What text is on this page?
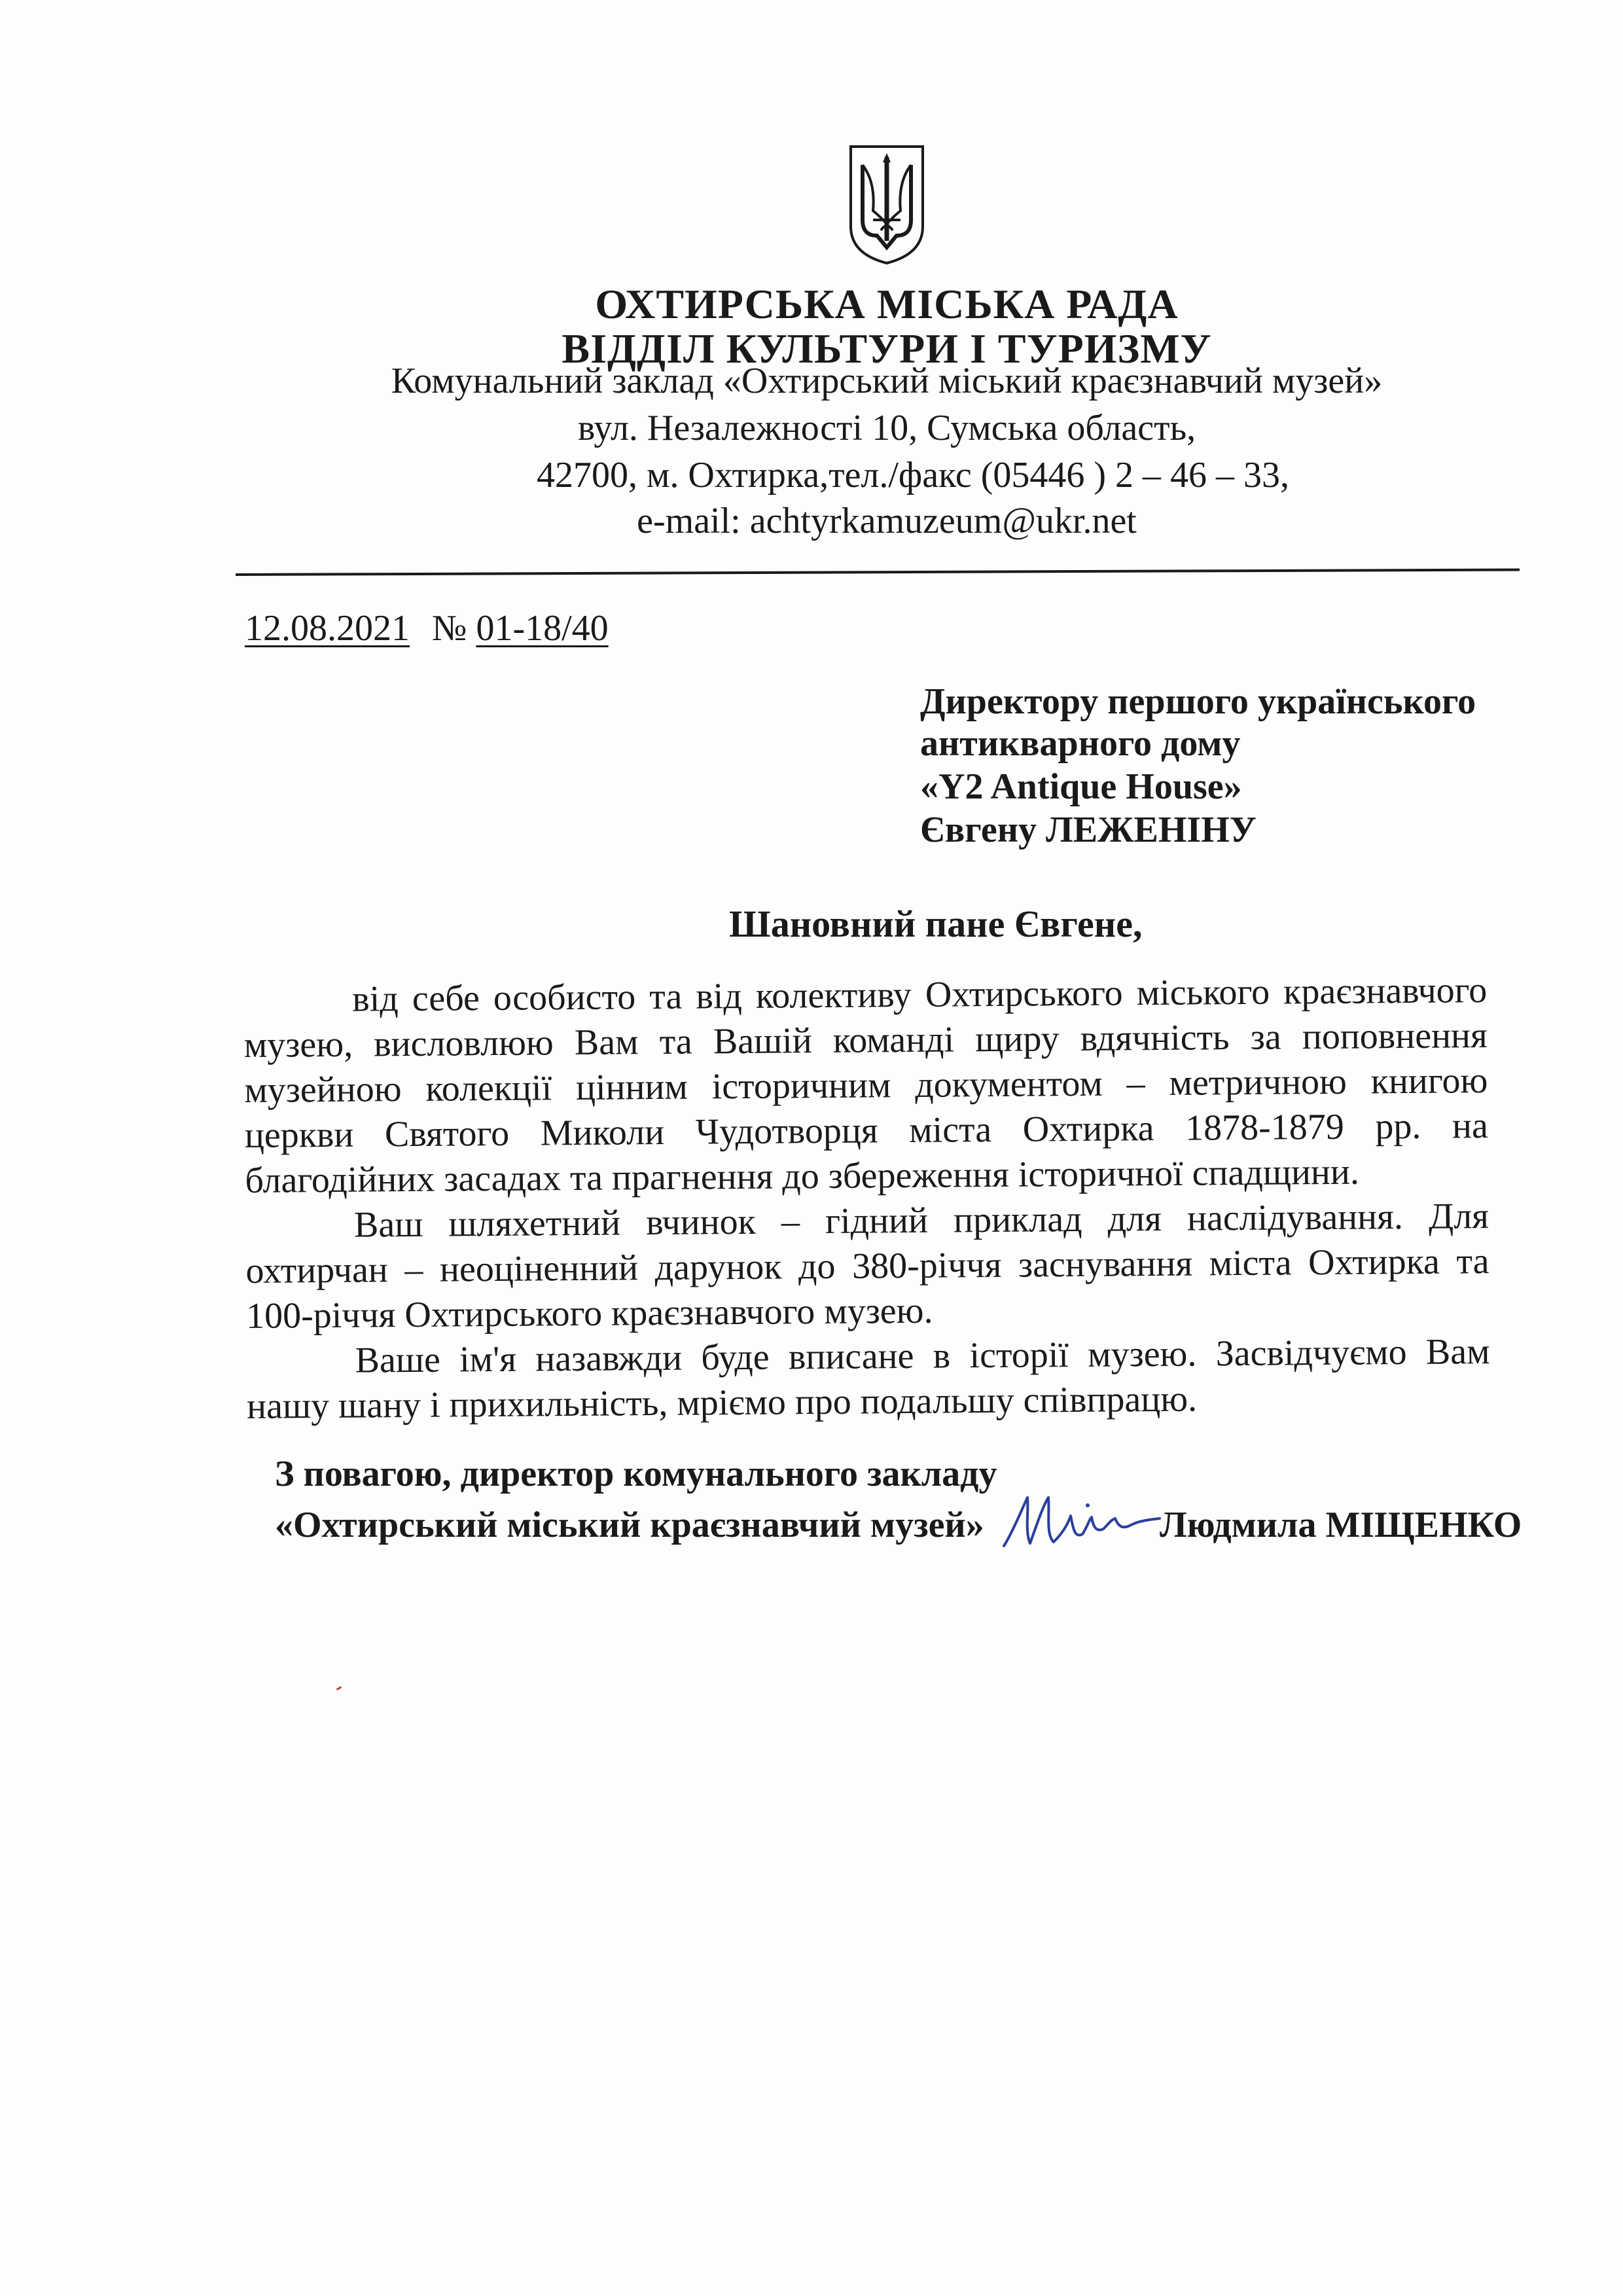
ОХТИРСЬКА МІСЬКА РАДА
ВІДДІЛ КУЛЬТУРИ І ТУРИЗМУ
Комунальний заклад «Охтирський міський краєзнавчий музей»
вул. Незалежності 10, Сумська область,
42700, м. Охтирка,тел./факс (05446 ) 2 – 46 – 33,
e-mail: achtyrkamuzeum@ukr.net
12.08.2021 № 01-18/40
Директору першого українського
антикварного дому
«Y2 Antique House»
Євгену ЛЕЖЕНІНУ
Шановний пане Євгене,

від себе особисто та від колективу Охтирського міського краєзнавчого музею, висловлюю Вам та Вашій команді щиру вдячність за поповнення музейною колекції цінним історичним документом – метричною книгою церкви Святого Миколи Чудотворця міста Охтирка 1878-1879 рр. на благодійних засадах та прагнення до збереження історичної спадщини.

Ваш шляхетний вчинок – гідний приклад для наслідування. Для охтирчан – неоціненний дарунок до 380-річчя заснування міста Охтирка та 100-річчя Охтирського краєзнавчого музею.

Ваше ім'я назавжди буде вписане в історії музею. Засвідчуємо Вам нашу шану і прихильність, мріємо про подальшу співпрацю.

З повагою, директор комунального закладу
«Охтирський міський краєзнавчий музей»	Людмила МІЩЕНКО
